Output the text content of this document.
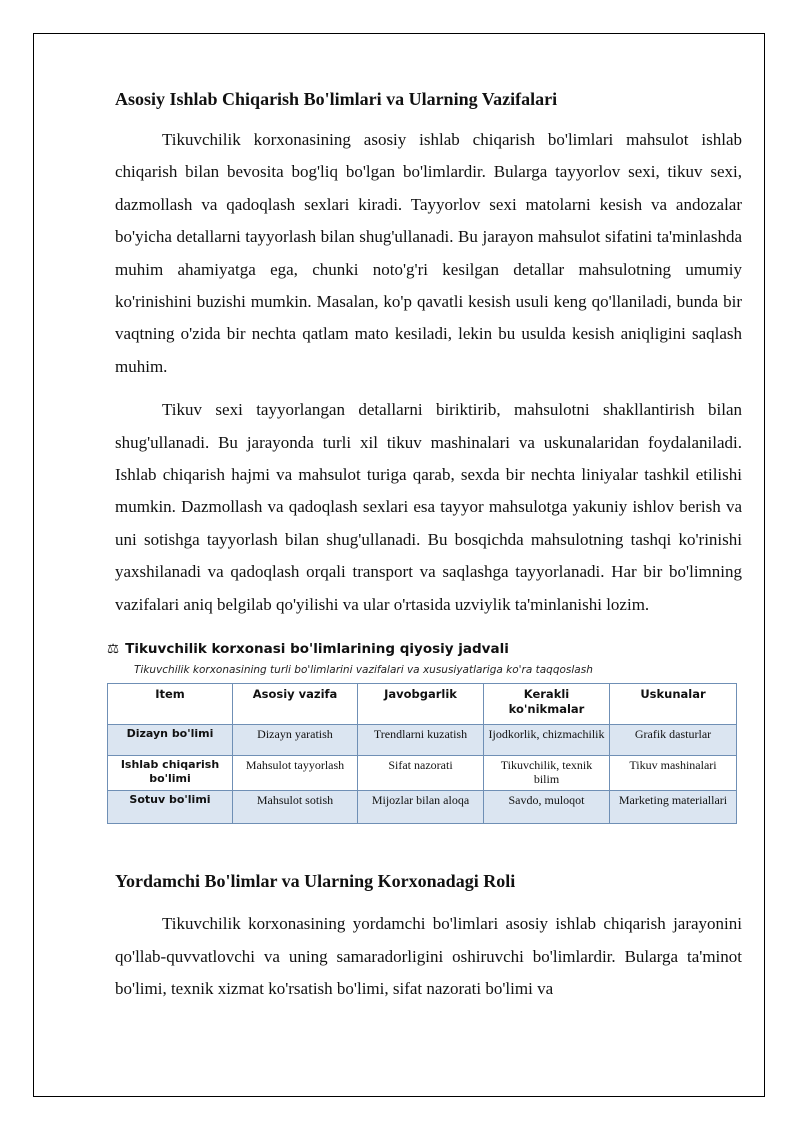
Asosiy Ishlab Chiqarish Bo'limlari va Ularning Vazifalari

Tikuvchilik korxonasining asosiy ishlab chiqarish bo'limlari mahsulot ishlab chiqarish bilan bevosita bog'liq bo'lgan bo'limlardir. Bularga tayyorlov sexi, tikuv sexi, dazmollash va qadoqlash sexlari kiradi. Tayyorlov sexi matolarni kesish va andozalar bo'yicha detallarni tayyorlash bilan shug'ullanadi. Bu jarayon mahsulot sifatini ta'minlashda muhim ahamiyatga ega, chunki noto'g'ri kesilgan detallar mahsulotning umumiy ko'rinishini buzishi mumkin. Masalan, ko'p qavatli kesish usuli keng qo'llaniladi, bunda bir vaqtning o'zida bir nechta qatlam mato kesiladi, lekin bu usulda kesish aniqligini saqlash muhim.

Tikuv sexi tayyorlangan detallarni biriktirib, mahsulotni shakllantirish bilan shug'ullanadi. Bu jarayonda turli xil tikuv mashinalari va uskunalaridan foydalaniladi. Ishlab chiqarish hajmi va mahsulot turiga qarab, sexda bir nechta liniyalar tashkil etilishi mumkin. Dazmollash va qadoqlash sexlari esa tayyor mahsulotga yakuniy ishlov berish va uni sotishga tayyorlash bilan shug'ullanadi. Bu bosqichda mahsulotning tashqi ko'rinishi yaxshilanadi va qadoqlash orqali transport va saqlashga tayyorlanadi. Har bir bo'limning vazifalari aniq belgilab qo'yilishi va ular o'rtasida uzviylik ta'minlanishi lozim.

⚖ Tikuvchilik korxonasi bo'limlarining qiyosiy jadvali
Tikuvchilik korxonasining turli bo'limlarini vazifalari va xususiyatlariga ko'ra taqqoslash
Item	Asosiy vazifa	Javobgarlik	Kerakli ko'nikmalar	Uskunalar
Dizayn bo'limi	Dizayn yaratish	Trendlarni kuzatish	Ijodkorlik, chizmachilik	Grafik dasturlar
Ishlab chiqarish bo'limi	Mahsulot tayyorlash	Sifat nazorati	Tikuvchilik, texnik bilim	Tikuv mashinalari
Sotuv bo'limi	Mahsulot sotish	Mijozlar bilan aloqa	Savdo, muloqot	Marketing materiallari
Yordamchi Bo'limlar va Ularning Korxonadagi Roli

Tikuvchilik korxonasining yordamchi bo'limlari asosiy ishlab chiqarish jarayonini qo'llab-quvvatlovchi va uning samaradorligini oshiruvchi bo'limlardir. Bularga ta'minot bo'limi, texnik xizmat ko'rsatish bo'limi, sifat nazorati bo'limi va
